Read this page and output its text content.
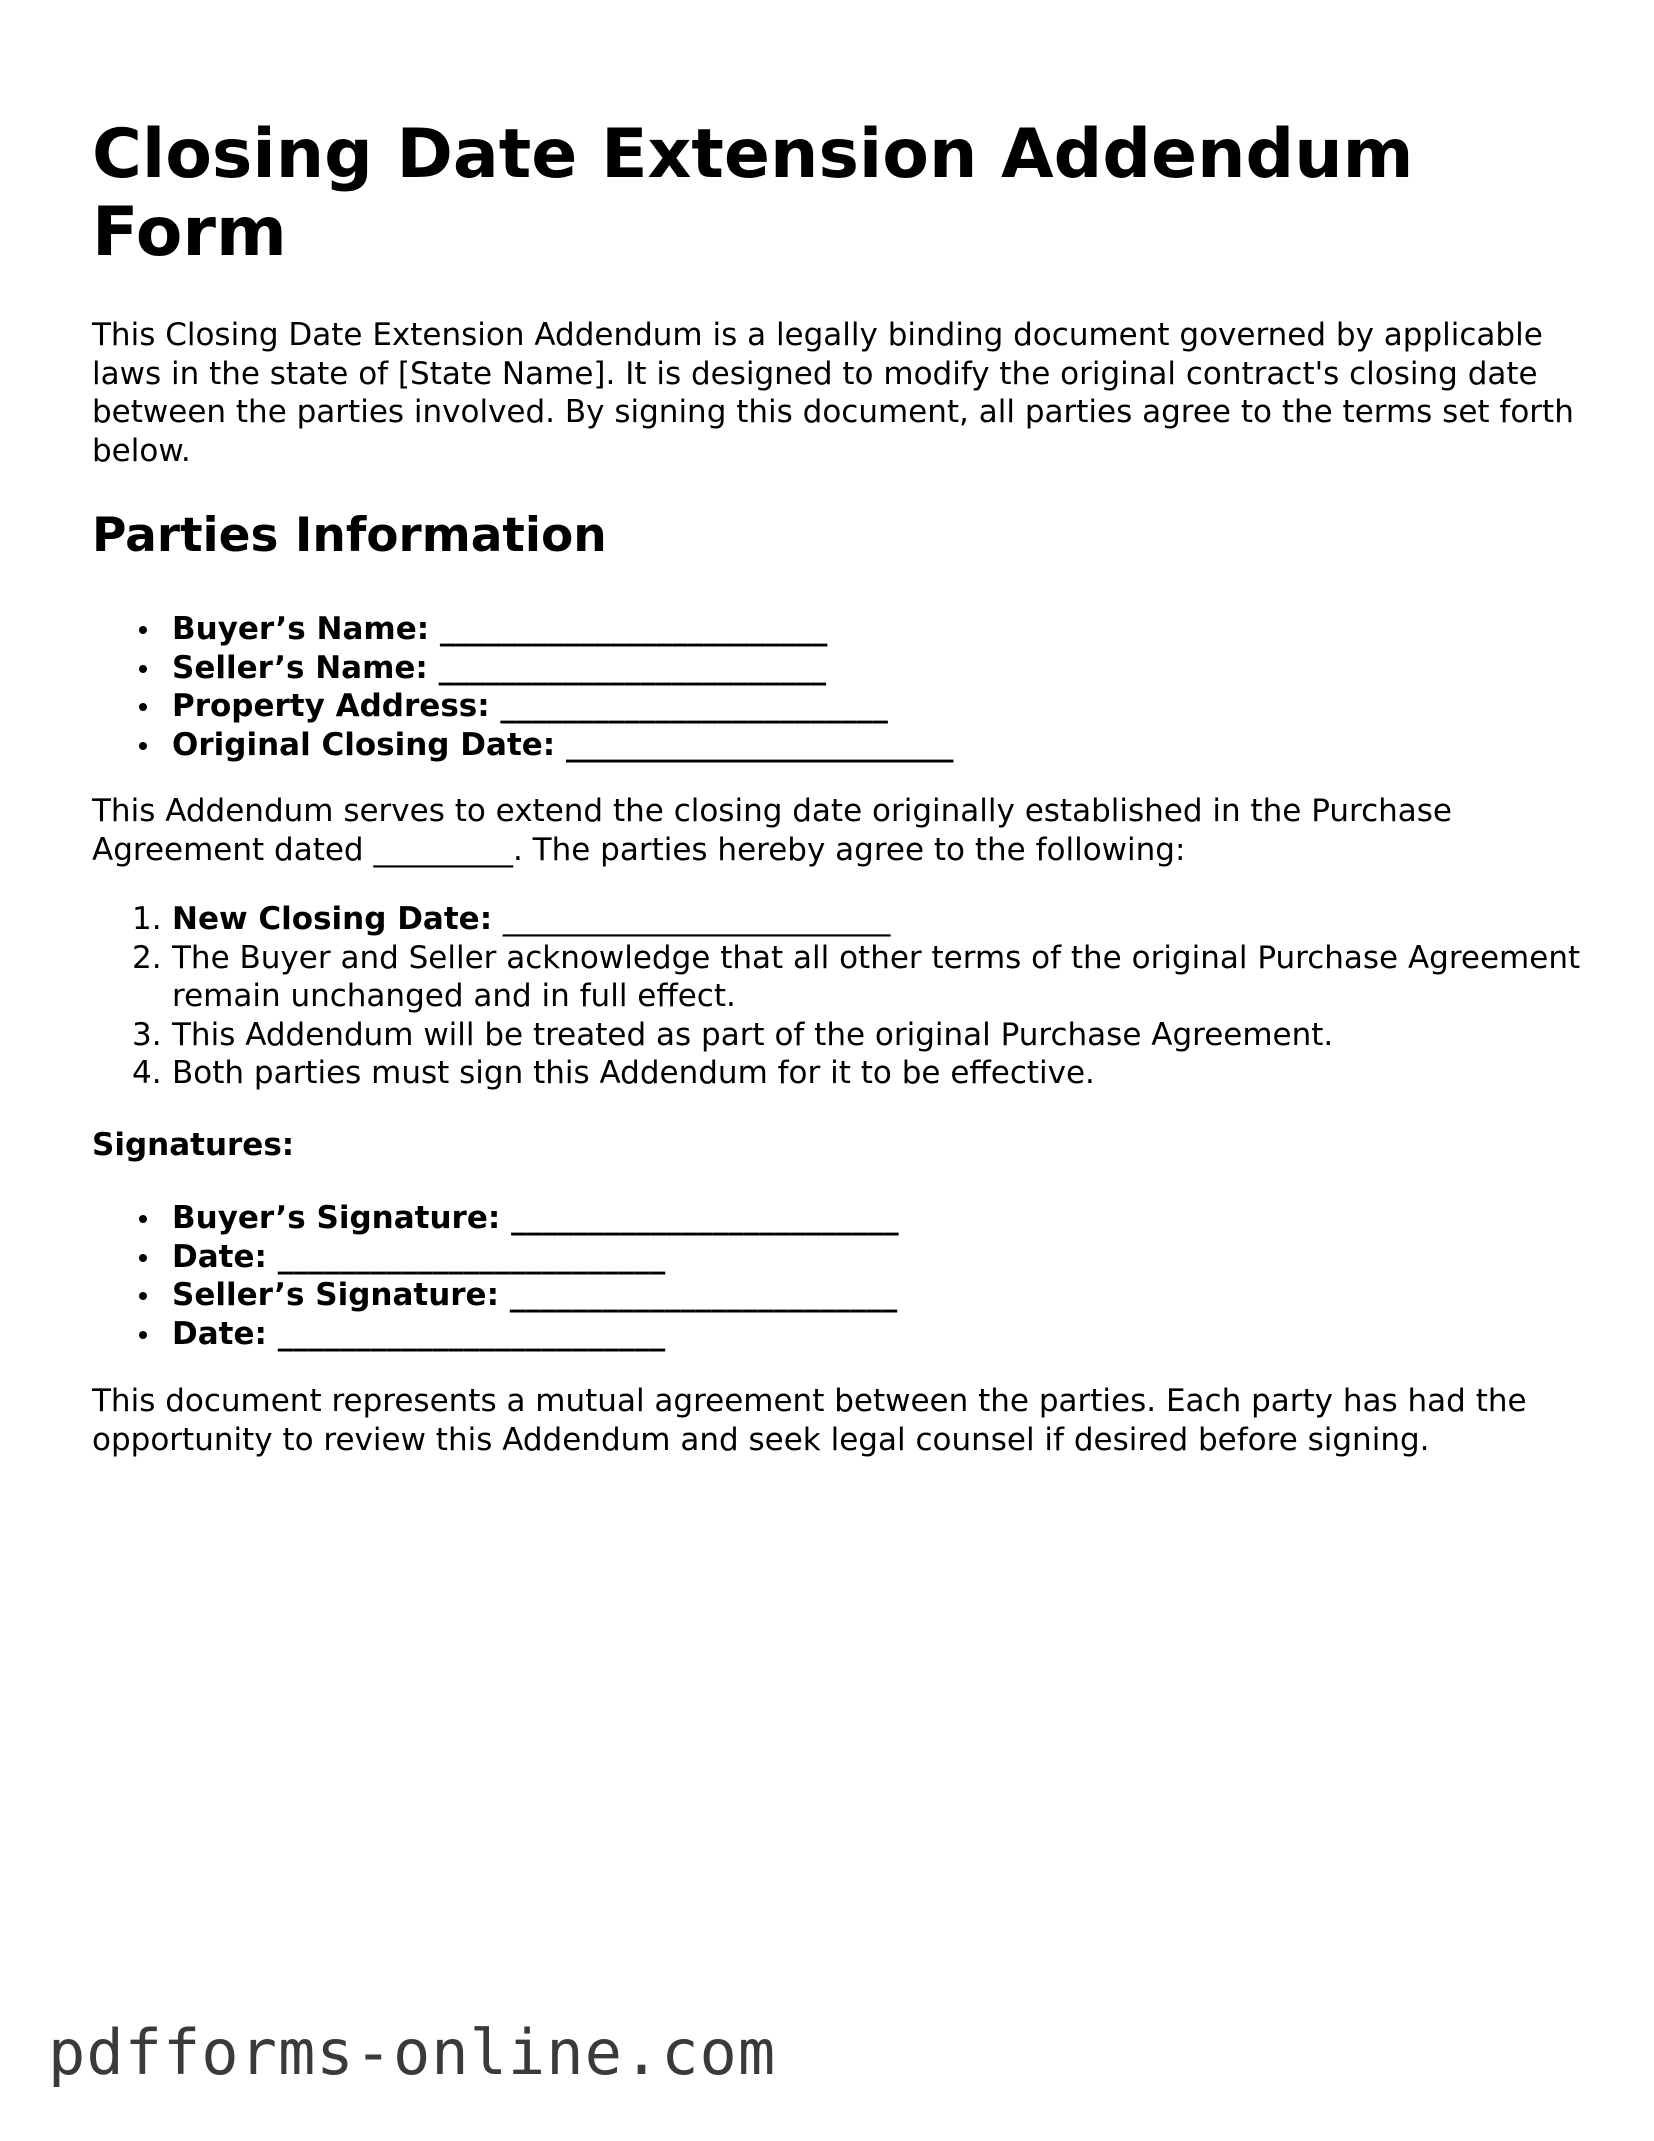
Closing Date Extension Addendum Form

This Closing Date Extension Addendum is a legally binding document governed by applicable laws in the state of [State Name]. It is designed to modify the original contract's closing date between the parties involved. By signing this document, all parties agree to the terms set forth below.

Parties Information
Buyer’s Name: _________________________
Seller’s Name: _________________________
Property Address: _________________________
Original Closing Date: _________________________

This Addendum serves to extend the closing date originally established in the Purchase Agreement dated _________. The parties hereby agree to the following:

1. New Closing Date: _________________________
2. The Buyer and Seller acknowledge that all other terms of the original Purchase Agreement remain unchanged and in full effect.
3. This Addendum will be treated as part of the original Purchase Agreement.
4. Both parties must sign this Addendum for it to be effective.

Signatures:

Buyer’s Signature: _________________________
Date: _________________________
Seller’s Signature: _________________________
Date: _________________________

This document represents a mutual agreement between the parties. Each party has had the opportunity to review this Addendum and seek legal counsel if desired before signing.

pdfforms-online.com
